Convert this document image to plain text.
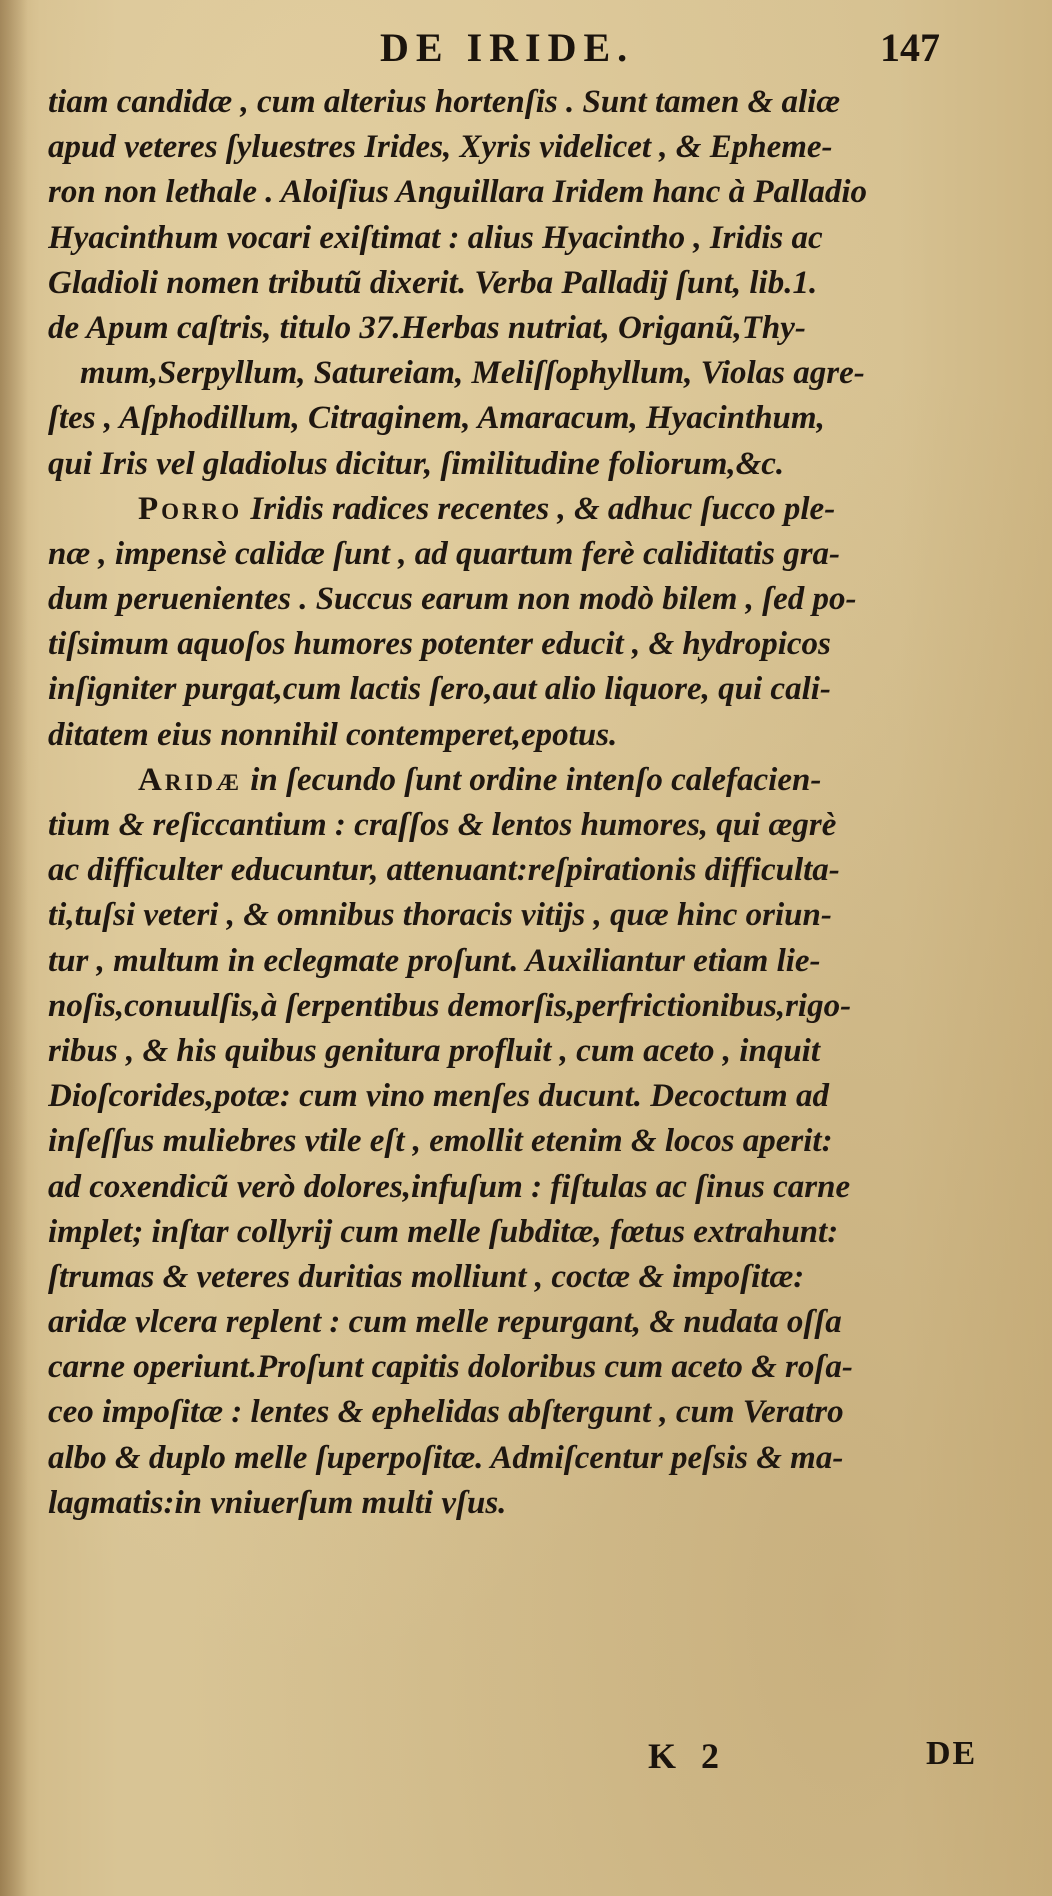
DE IRIDE.	147
tiam candidæ , cum alterius hortenſis . Sunt tamen & aliæ
apud veteres ſyluestres Irides, Xyris videlicet , & Epheme-
ron non lethale . Aloiſius Anguillara Iridem hanc à Palladio
Hyacinthum vocari exiſtimat : alius Hyacintho , Iridis ac
Gladioli nomen tributũ dixerit. Verba Palladij ſunt, lib.1.
de Apum caſtris, titulo 37.Herbas nutriat, Origanũ,Thy-
mum,Serpyllum, Satureiam, Meliſſophyllum, Violas agre-
ſtes , Aſphodillum, Citraginem, Amaracum, Hyacinthum,
qui Iris vel gladiolus dicitur, ſimilitudine foliorum,&c.
Porro Iridis radices recentes , & adhuc ſucco ple-
næ , impensè calidæ ſunt , ad quartum ferè caliditatis gra-
dum peruenientes . Succus earum non modò bilem , ſed po-
tiſsimum aquoſos humores potenter educit , & hydropicos
inſigniter purgat,cum lactis ſero,aut alio liquore, qui cali-
ditatem eius nonnihil contemperet,epotus.
Aridæ in ſecundo ſunt ordine intenſo calefacien-
tium & reſiccantium : craſſos & lentos humores, qui ægrè
ac difficulter educuntur, attenuant:reſpirationis difficulta-
ti,tuſsi veteri , & omnibus thoracis vitijs , quæ hinc oriun-
tur , multum in eclegmate proſunt. Auxiliantur etiam lie-
noſis,conuulſis,à ſerpentibus demorſis,perfrictionibus,rigo-
ribus , & his quibus genitura profluit , cum aceto , inquit
Dioſcorides,potæ: cum vino menſes ducunt. Decoctum ad
inſeſſus muliebres vtile eſt , emollit etenim & locos aperit:
ad coxendicũ verò dolores,infuſum : fiſtulas ac ſinus carne
implet; inſtar collyrij cum melle ſubditæ, fœtus extrahunt:
ſtrumas & veteres duritias molliunt , coctæ & impoſitæ:
aridæ vlcera replent : cum melle repurgant, & nudata oſſa
carne operiunt.Proſunt capitis doloribus cum aceto & roſa-
ceo impoſitæ : lentes & ephelidas abſtergunt , cum Veratro
albo & duplo melle ſuperpoſitæ. Admiſcentur peſsis & ma-
lagmatis:in vniuerſum multi vſus.
K 2	DE
